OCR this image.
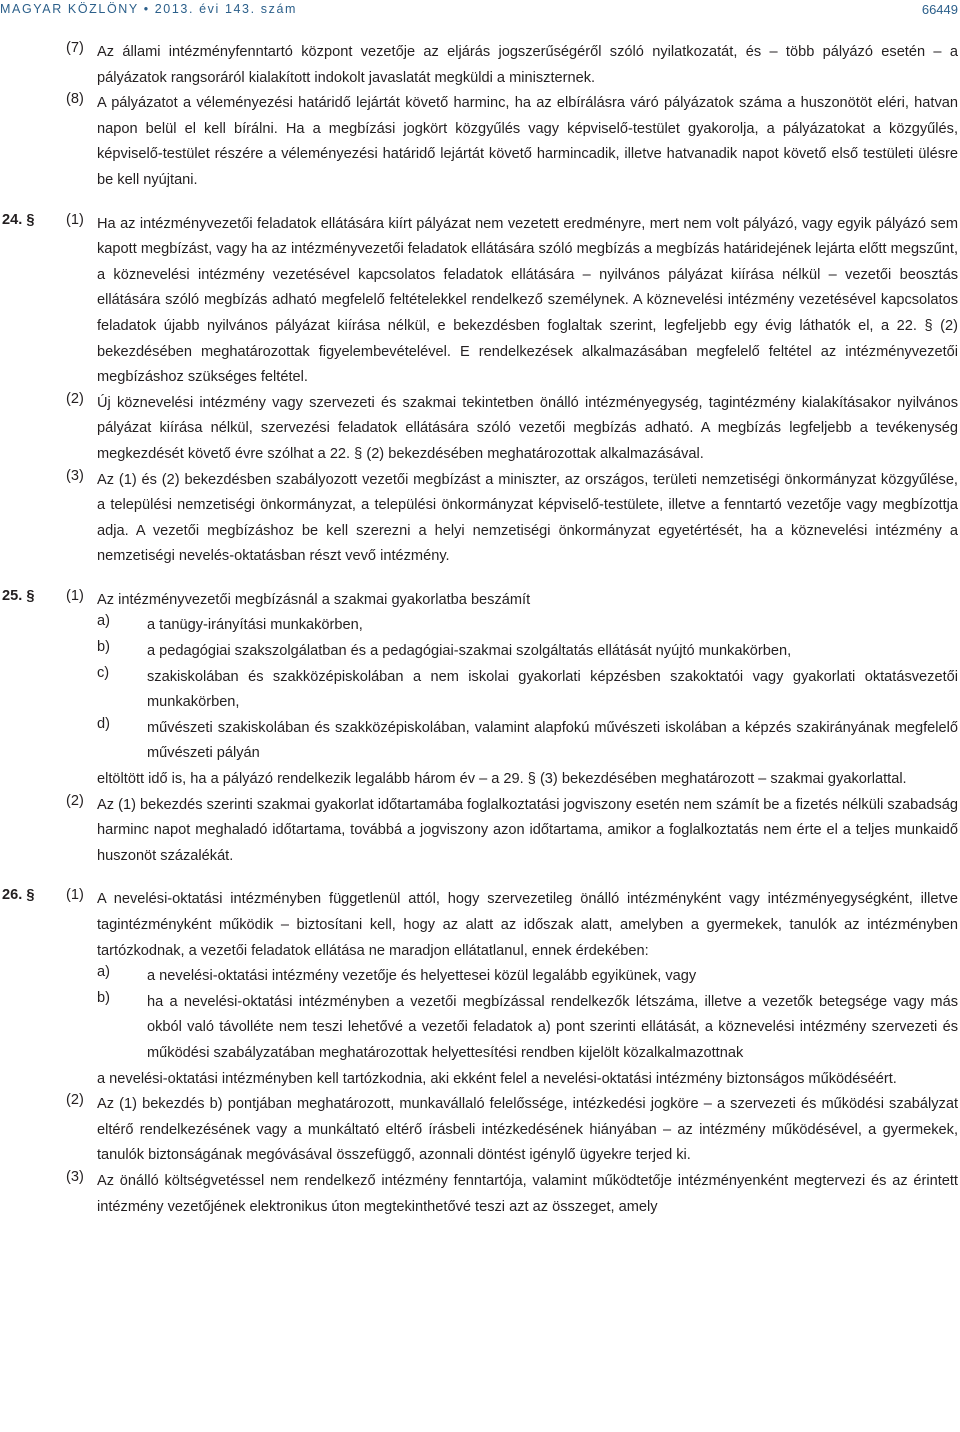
MAGYAR KÖZLÖNY • 2013. évi 143. szám	66449
(7) Az állami intézményfenntartó központ vezetője az eljárás jogszerűségéről szóló nyilatkozatát, és – több pályázó esetén – a pályázatok rangsoráról kialakított indokolt javaslatát megküldi a miniszternek.
(8) A pályázatot a véleményezési határidő lejártát követő harminc, ha az elbírálásra váró pályázatok száma a huszonötöt eléri, hatvan napon belül el kell bírálni. Ha a megbízási jogkört közgyűlés vagy képviselő-testület gyakorolja, a pályázatokat a közgyűlés, képviselő-testület részére a véleményezési határidő lejártát követő harmincadik, illetve hatvanadik napot követő első testületi ülésre be kell nyújtani.
24. § (1) Ha az intézményvezetői feladatok ellátására kiírt pályázat nem vezetett eredményre, mert nem volt pályázó, vagy egyik pályázó sem kapott megbízást, vagy ha az intézményvezetői feladatok ellátására szóló megbízás a megbízás határidejének lejárta előtt megszűnt, a köznevelési intézmény vezetésével kapcsolatos feladatok ellátására – nyilvános pályázat kiírása nélkül – vezetői beosztás ellátására szóló megbízás adható megfelelő feltételekkel rendelkező személynek. A köznevelési intézmény vezetésével kapcsolatos feladatok újabb nyilvános pályázat kiírása nélkül, e bekezdésben foglaltak szerint, legfeljebb egy évig láthatók el, a 22. § (2) bekezdésében meghatározottak figyelembevételével. E rendelkezések alkalmazásában megfelelő feltétel az intézményvezetői megbízáshoz szükséges feltétel.
(2) Új köznevelési intézmény vagy szervezeti és szakmai tekintetben önálló intézményegység, tagintézmény kialakításakor nyilvános pályázat kiírása nélkül, szervezési feladatok ellátására szóló vezetői megbízás adható. A megbízás legfeljebb a tevékenység megkezdését követő évre szólhat a 22. § (2) bekezdésében meghatározottak alkalmazásával.
(3) Az (1) és (2) bekezdésben szabályozott vezetői megbízást a miniszter, az országos, területi nemzetiségi önkormányzat közgyűlése, a települési nemzetiségi önkormányzat, a települési önkormányzat képviselő-testülete, illetve a fenntartó vezetője vagy megbízottja adja. A vezetői megbízáshoz be kell szerezni a helyi nemzetiségi önkormányzat egyetértését, ha a köznevelési intézmény a nemzetiségi nevelés-oktatásban részt vevő intézmény.
25. § (1) Az intézményvezetői megbízásnál a szakmai gyakorlatba beszámít
a)	a tanügy-irányítási munkakörben,
b)	a pedagógiai szakszolgálatban és a pedagógiai-szakmai szolgáltatás ellátását nyújtó munkakörben,
c)	szakiskolában és szakközépiskolában a nem iskolai gyakorlati képzésben szakoktatói vagy gyakorlati oktatásvezetői munkakörben,
d)	művészeti szakiskolában és szakközépiskolában, valamint alapfokú művészeti iskolában a képzés szakirányának megfelelő művészeti pályán
eltöltött idő is, ha a pályázó rendelkezik legalább három év – a 29. § (3) bekezdésében meghatározott – szakmai gyakorlattal.
(2) Az (1) bekezdés szerinti szakmai gyakorlat időtartamába foglalkoztatási jogviszony esetén nem számít be a fizetés nélküli szabadság harminc napot meghaladó időtartama, továbbá a jogviszony azon időtartama, amikor a foglalkoztatás nem érte el a teljes munkaidő huszonöt százalékát.
26. § (1) A nevelési-oktatási intézményben függetlenül attól, hogy szervezetileg önálló intézményként vagy intézményegységként, illetve tagintézményként működik – biztosítani kell, hogy az alatt az időszak alatt, amelyben a gyermekek, tanulók az intézményben tartózkodnak, a vezetői feladatok ellátása ne maradjon ellátatlanul, ennek érdekében:
a)	a nevelési-oktatási intézmény vezetője és helyettesei közül legalább egyikünek, vagy
b)	ha a nevelési-oktatási intézményben a vezetői megbízással rendelkezők létszáma, illetve a vezetők betegsége vagy más okból való távolléte nem teszi lehetővé a vezetői feladatok a) pont szerinti ellátását, a köznevelési intézmény szervezeti és működési szabályzatában meghatározottak helyettesítési rendben kijelölt közalkalmazottnak
a nevelési-oktatási intézményben kell tartózkodnia, aki ekként felel a nevelési-oktatási intézmény biztonságos működéséért.
(2) Az (1) bekezdés b) pontjában meghatározott, munkavállaló felelőssége, intézkedési jogköre – a szervezeti és működési szabályzat eltérő rendelkezésének vagy a munkáltató eltérő írásbeli intézkedésének hiányában – az intézmény működésével, a gyermekek, tanulók biztonságának megóvásával összefüggő, azonnali döntést igénylő ügyekre terjed ki.
(3) Az önálló költségvetéssel nem rendelkező intézmény fenntartója, valamint működtetője intézményenként megtervezi és az érintett intézmény vezetőjének elektronikus úton megtekinthetővé teszi azt az összeget, amely
